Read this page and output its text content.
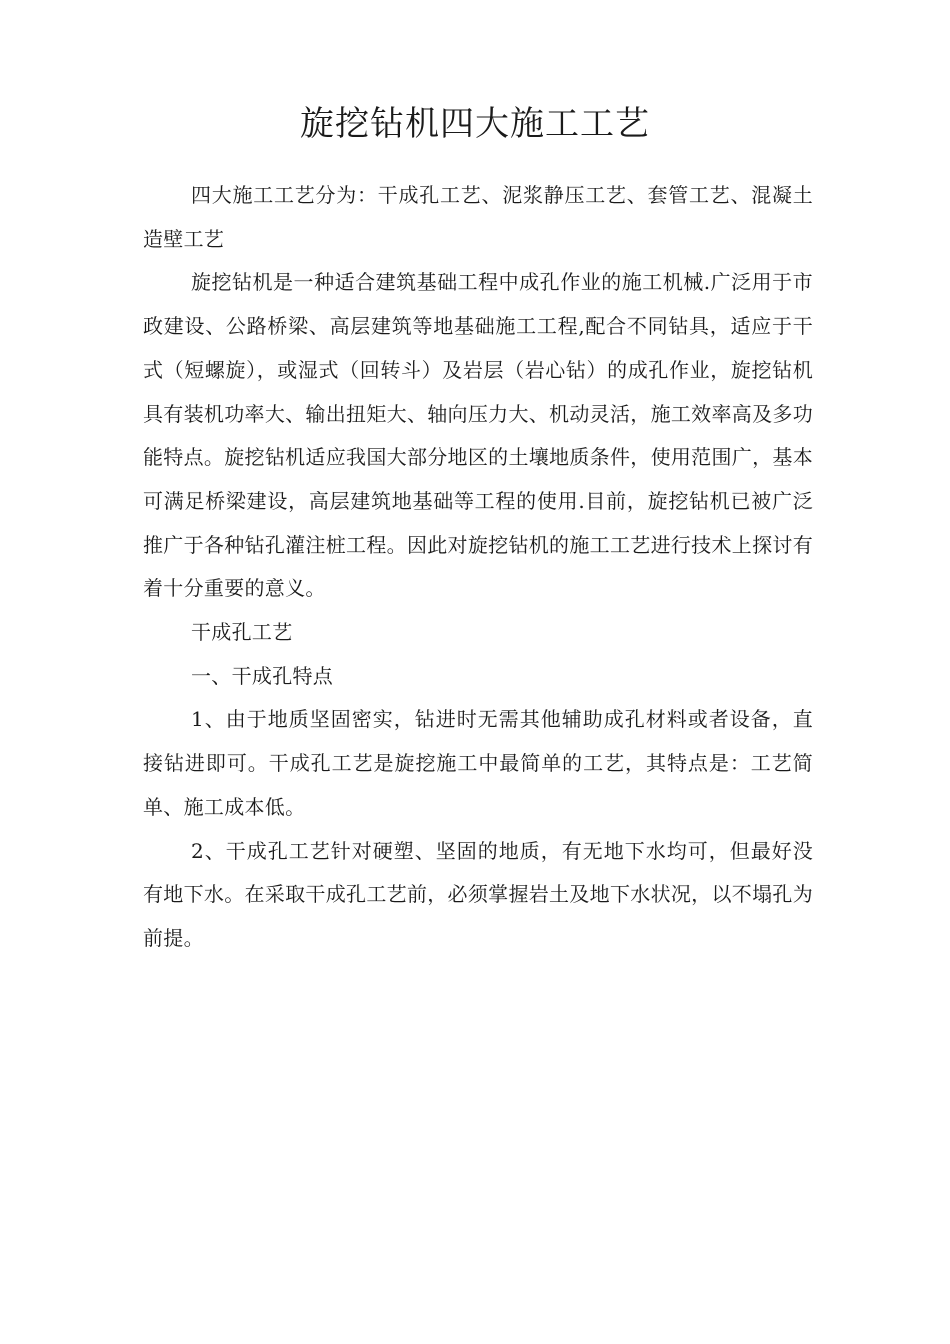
旋挖钻机四大施工工艺

四大施工工艺分为：干成孔工艺、泥浆静压工艺、套管工艺、混凝土造壁工艺

旋挖钻机是一种适合建筑基础工程中成孔作业的施工机械.广泛用于市政建设、公路桥梁、高层建筑等地基础施工工程,配合不同钻具，适应于干式（短螺旋），或湿式（回转斗）及岩层（岩心钻）的成孔作业，旋挖钻机具有装机功率大、输出扭矩大、轴向压力大、机动灵活，施工效率高及多功能特点。旋挖钻机适应我国大部分地区的土壤地质条件，使用范围广，基本可满足桥梁建设，高层建筑地基础等工程的使用.目前，旋挖钻机已被广泛推广于各种钻孔灌注桩工程。因此对旋挖钻机的施工工艺进行技术上探讨有着十分重要的意义。

干成孔工艺

一、干成孔特点

1、由于地质坚固密实，钻进时无需其他辅助成孔材料或者设备，直接钻进即可。干成孔工艺是旋挖施工中最简单的工艺，其特点是：工艺简单、施工成本低。

2、干成孔工艺针对硬塑、坚固的地质，有无地下水均可，但最好没有地下水。在采取干成孔工艺前，必须掌握岩土及地下水状况，以不塌孔为前提。
